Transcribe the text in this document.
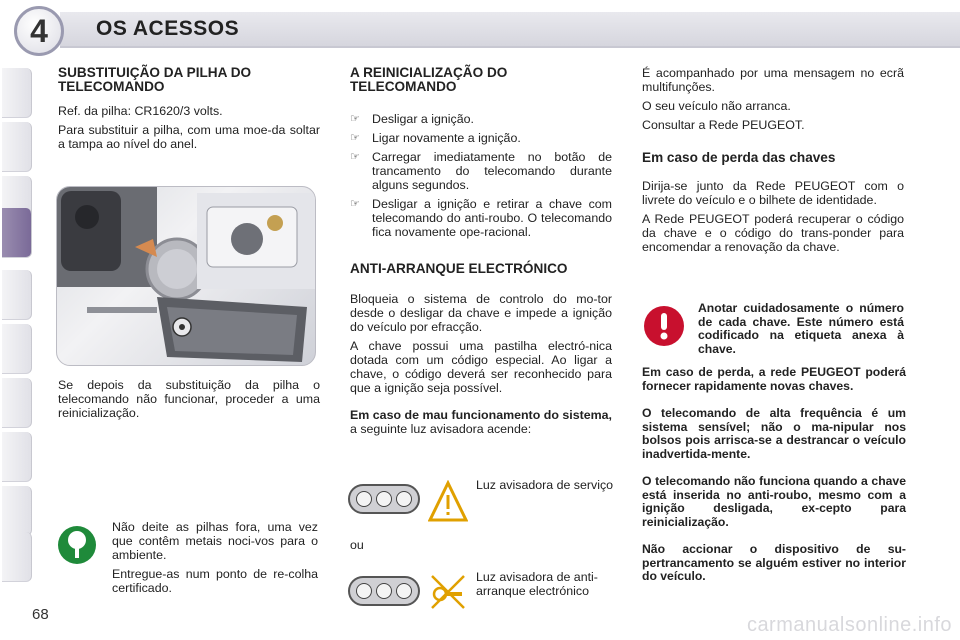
4 OS ACESSOS
68
SUBSTITUIÇÃO DA PILHA DO TELECOMANDO

Ref. da pilha: CR1620/3 volts.

Para substituir a pilha, com uma moe-da soltar a tampa ao nível do anel.

Se depois da substituição da pilha o telecomando não funcionar, proceder a uma reinicialização.

Não deite as pilhas fora, uma vez que contêm metais noci-vos para o ambiente.

Entregue-as num ponto de re-colha certificado.

A REINICIALIZAÇÃO DO TELECOMANDO
☞ Desligar a ignição.
☞ Ligar novamente a ignição.
☞ Carregar imediatamente no botão de trancamento do telecomando durante alguns segundos.
☞ Desligar a ignição e retirar a chave com telecomando do anti-roubo. O telecomando fica novamente ope-racional.
ANTI-ARRANQUE ELECTRÓNICO

Bloqueia o sistema de controlo do mo-tor desde o desligar da chave e impede a ignição do veículo por efracção.

A chave possui uma pastilha electró-nica dotada com um código especial. Ao ligar a chave, o código deverá ser reconhecido para que a ignição seja possível.

Em caso de mau funcionamento do sistema, a seguinte luz avisadora acende:

Luz avisadora de serviço
ou
Luz avisadora de anti-arranque electrónico

É acompanhado por uma mensagem no ecrã multifunções.

O seu veículo não arranca.

Consultar a Rede PEUGEOT.

Em caso de perda das chaves

Dirija-se junto da Rede PEUGEOT com o livrete do veículo e o bilhete de identidade.

A Rede PEUGEOT poderá recuperar o código da chave e o código do trans-ponder para encomendar a renovação da chave.

Anotar cuidadosamente o número de cada chave. Este número está codificado na etiqueta anexa à chave.

Em caso de perda, a rede PEUGEOT poderá fornecer rapidamente novas chaves.

O telecomando de alta frequência é um sistema sensível; não o ma-nipular nos bolsos pois arrisca-se a destrancar o veículo inadvertida-mente.

O telecomando não funciona quando a chave está inserida no anti-roubo, mesmo com a ignição desligada, ex-cepto para reinicialização.

Não accionar o dispositivo de su-pertrancamento se alguém estiver no interior do veículo.

carmanualsonline.info
